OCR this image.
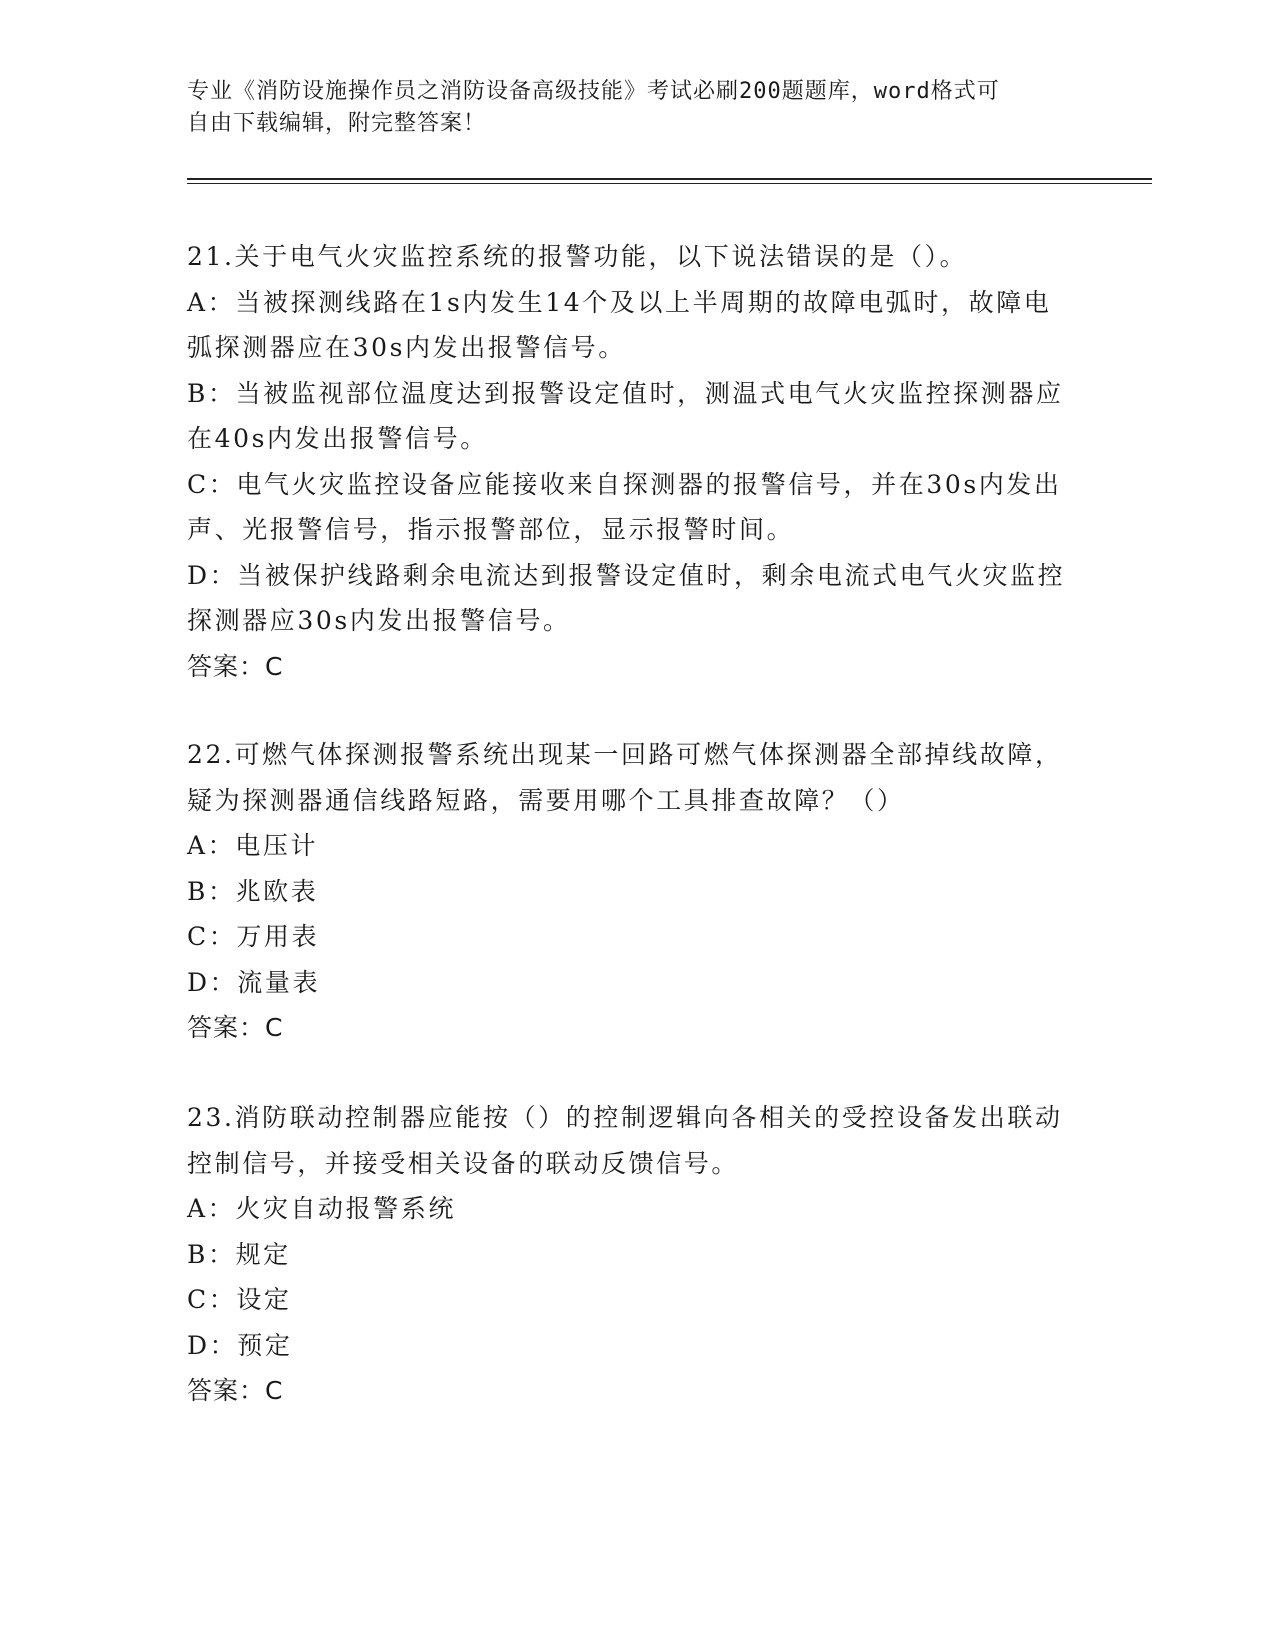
专业《消防设施操作员之消防设备高级技能》考试必刷200题题库，word格式可
自由下载编辑，附完整答案！

21.关于电气火灾监控系统的报警功能，以下说法错误的是（）。

A：当被探测线路在1s内发生14个及以上半周期的故障电弧时，故障电弧探测器应在30s内发出报警信号。

B：当被监视部位温度达到报警设定值时，测温式电气火灾监控探测器应在40s内发出报警信号。

C：电气火灾监控设备应能接收来自探测器的报警信号，并在30s内发出声、光报警信号，指示报警部位，显示报警时间。

D：当被保护线路剩余电流达到报警设定值时，剩余电流式电气火灾监控探测器应30s内发出报警信号。

答案：C

22.可燃气体探测报警系统出现某一回路可燃气体探测器全部掉线故障，疑为探测器通信线路短路，需要用哪个工具排查故障？（）

A：电压计

B：兆欧表

C：万用表

D：流量表

答案：C

23.消防联动控制器应能按（）的控制逻辑向各相关的受控设备发出联动控制信号，并接受相关设备的联动反馈信号。

A：火灾自动报警系统

B：规定

C：设定

D：预定

答案：C
